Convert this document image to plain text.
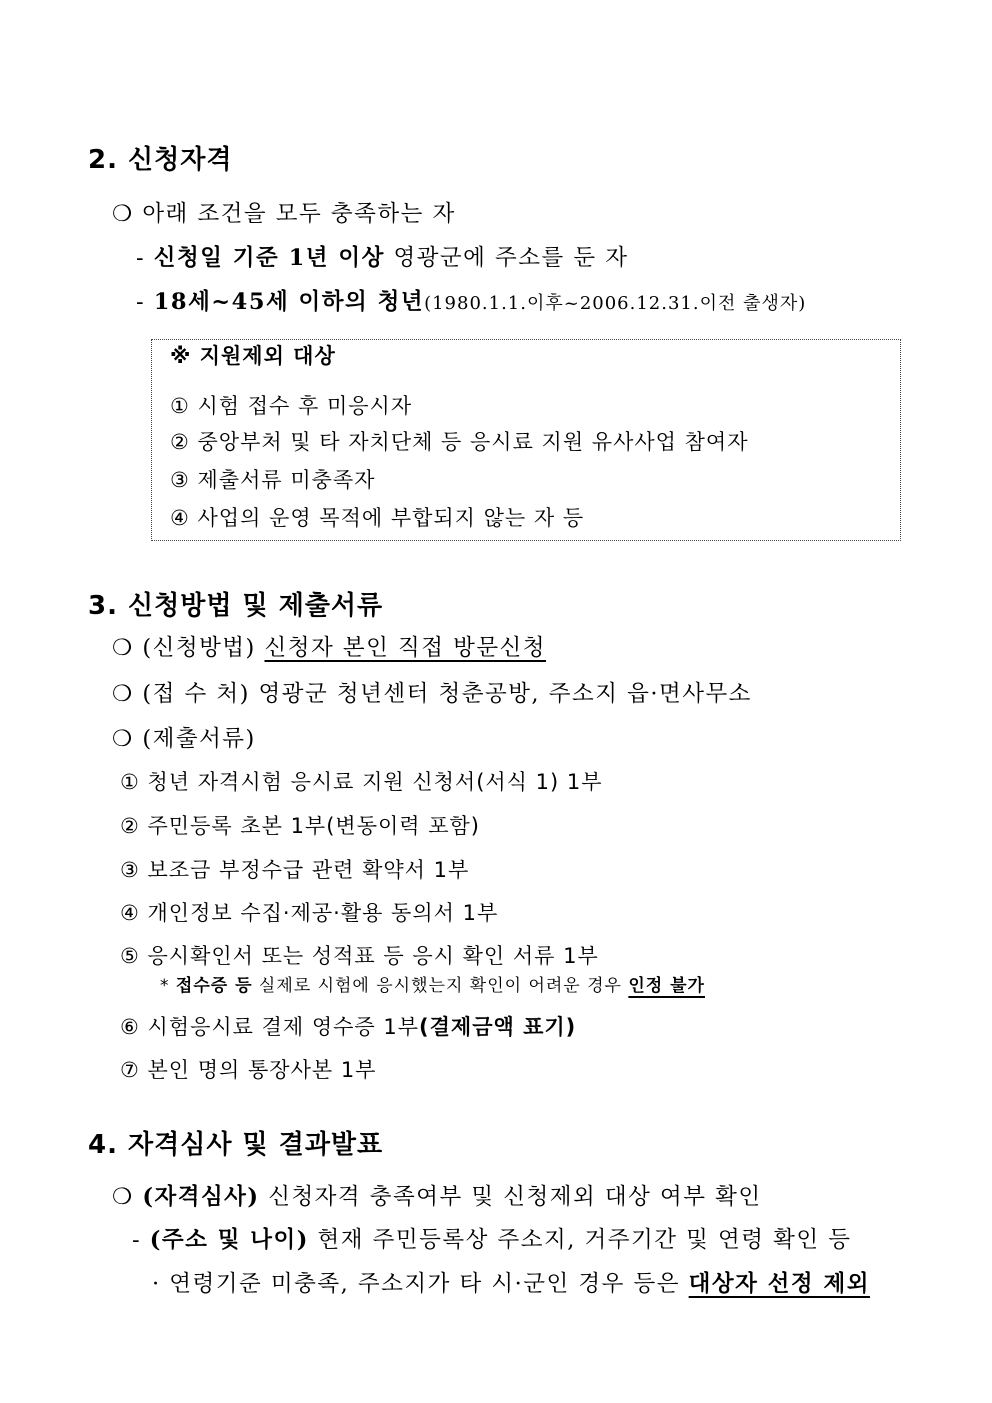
2. 신청자격
❍ 아래 조건을 모두 충족하는 자
- 신청일 기준 1년 이상 영광군에 주소를 둔 자
- 18세~45세 이하의 청년(1980.1.1.이후~2006.12.31.이전 출생자)
※ 지원제외 대상
① 시험 접수 후 미응시자
② 중앙부처 및 타 자치단체 등 응시료 지원 유사사업 참여자
③ 제출서류 미충족자
④ 사업의 운영 목적에 부합되지 않는 자 등
3. 신청방법 및 제출서류
❍ (신청방법) 신청자 본인 직접 방문신청
❍ (접 수 처) 영광군 청년센터 청춘공방, 주소지 읍·면사무소
❍ (제출서류)
① 청년 자격시험 응시료 지원 신청서(서식 1) 1부
② 주민등록 초본 1부(변동이력 포함)
③ 보조금 부정수급 관련 확약서 1부
④ 개인정보 수집·제공·활용 동의서 1부
⑤ 응시확인서 또는 성적표 등 응시 확인 서류 1부
* 접수증 등 실제로 시험에 응시했는지 확인이 어려운 경우 인정 불가
⑥ 시험응시료 결제 영수증 1부(결제금액 표기)
⑦ 본인 명의 통장사본 1부
4. 자격심사 및 결과발표
❍ (자격심사) 신청자격 충족여부 및 신청제외 대상 여부 확인
- (주소 및 나이) 현재 주민등록상 주소지, 거주기간 및 연령 확인 등
· 연령기준 미충족, 주소지가 타 시·군인 경우 등은 대상자 선정 제외
